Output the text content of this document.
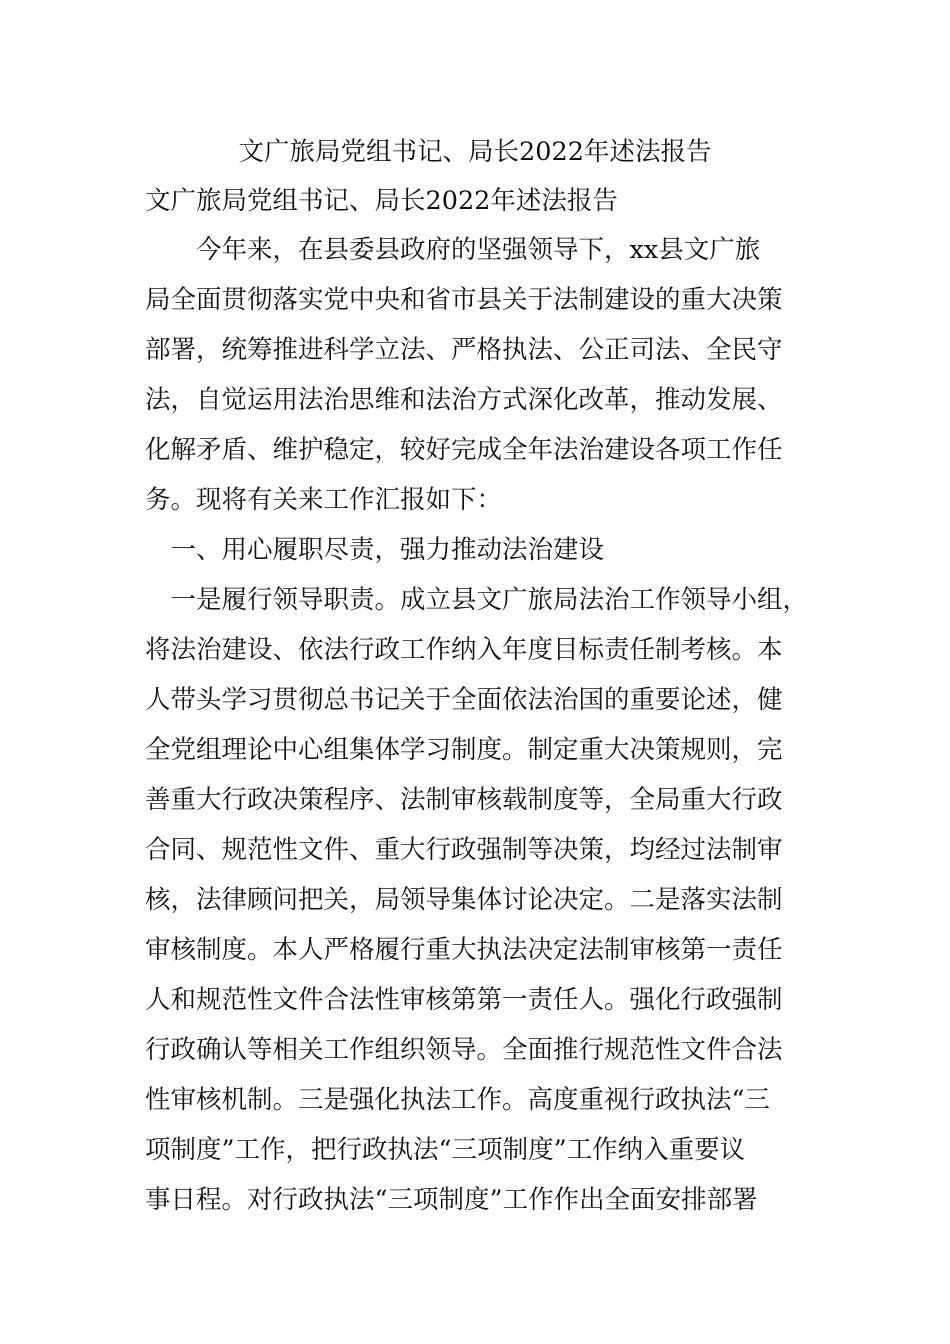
文广旅局党组书记、局长2022年述法报告
文广旅局党组书记、局长2022年述法报告
　　今年来，在县委县政府的坚强领导下，xx县文广旅
局全面贯彻落实党中央和省市县关于法制建设的重大决策
部署，统筹推进科学立法、严格执法、公正司法、全民守
法，自觉运用法治思维和法治方式深化改革，推动发展、
化解矛盾、维护稳定，较好完成全年法治建设各项工作任
务。现将有关来工作汇报如下：
　一、用心履职尽责，强力推动法治建设
　一是履行领导职责。成立县文广旅局法治工作领导小组，
将法治建设、依法行政工作纳入年度目标责任制考核。本
人带头学习贯彻总书记关于全面依法治国的重要论述，健
全党组理论中心组集体学习制度。制定重大决策规则，完
善重大行政决策程序、法制审核载制度等，全局重大行政
合同、规范性文件、重大行政强制等决策，均经过法制审
核，法律顾问把关，局领导集体讨论决定。二是落实法制
审核制度。本人严格履行重大执法决定法制审核第一责任
人和规范性文件合法性审核第第一责任人。强化行政强制
行政确认等相关工作组织领导。全面推行规范性文件合法
性审核机制。三是强化执法工作。高度重视行政执法“三
项制度”工作，把行政执法“三项制度”工作纳入重要议
事日程。对行政执法“三项制度”工作作出全面安排部署
